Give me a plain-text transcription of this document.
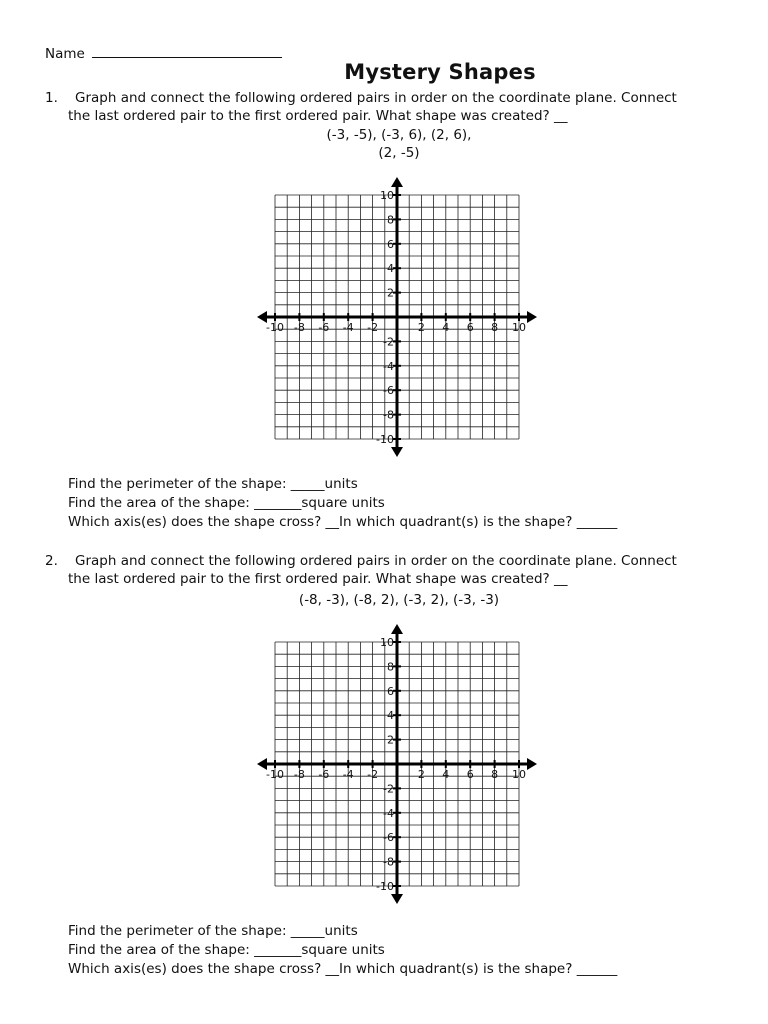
Name
Mystery Shapes
1. Graph and connect the following ordered pairs in order on the coordinate plane. Connect
the last ordered pair to the first ordered pair. What shape was created? __
(-3, -5), (-3, 6), (2, 6),
(2, -5)
-10 -8 -6 -4 -2	2 4 6 8 10
10
8
6
4
2
-2
-4
-6
-8
-10
Find the perimeter of the shape: _____units
Find the area of the shape: _______square units
Which axis(es) does the shape cross? __In which quadrant(s) is the shape? ______
2. Graph and connect the following ordered pairs in order on the coordinate plane. Connect
the last ordered pair to the first ordered pair. What shape was created? __
(-8, -3), (-8, 2), (-3, 2), (-3, -3)
-10 -8 -6 -4 -2	2 4 6 8 10
10
8
6
4
2
-2
-4
-6
-8
-10
Find the perimeter of the shape: _____units
Find the area of the shape: _______square units
Which axis(es) does the shape cross? __In which quadrant(s) is the shape? ______
